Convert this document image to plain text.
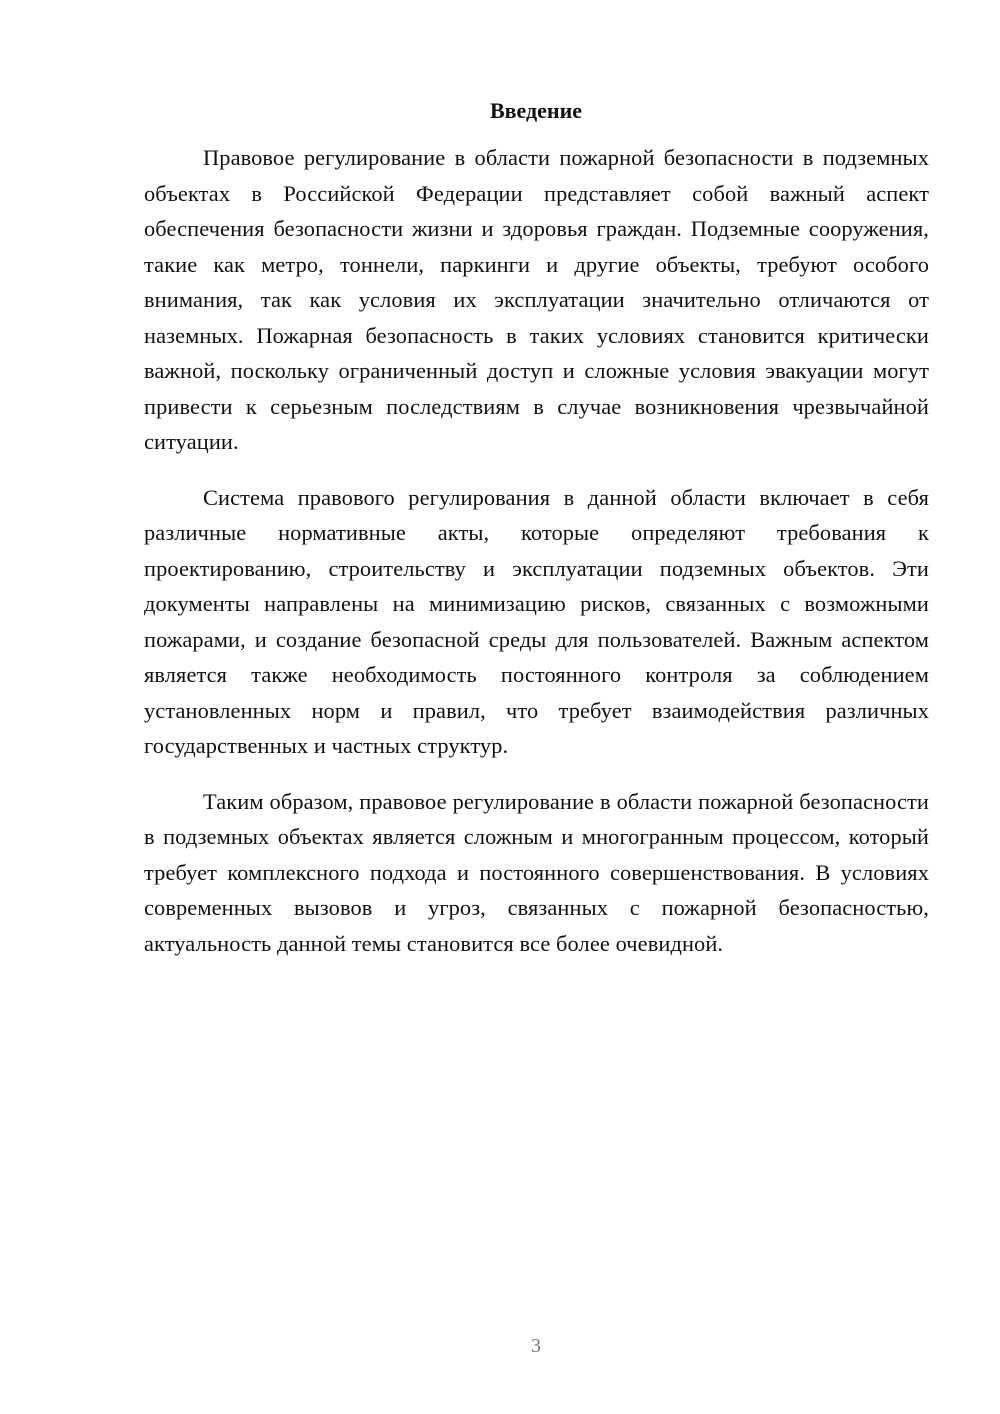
Введение

Правовое регулирование в области пожарной безопасности в подземных объектах в Российской Федерации представляет собой важный аспект обеспечения безопасности жизни и здоровья граждан. Подземные сооружения, такие как метро, тоннели, паркинги и другие объекты, требуют особого внимания, так как условия их эксплуатации значительно отличаются от наземных. Пожарная безопасность в таких условиях становится критически важной, поскольку ограниченный доступ и сложные условия эвакуации могут привести к серьезным последствиям в случае возникновения чрезвычайной ситуации.

Система правового регулирования в данной области включает в себя различные нормативные акты, которые определяют требования к проектированию, строительству и эксплуатации подземных объектов. Эти документы направлены на минимизацию рисков, связанных с возможными пожарами, и создание безопасной среды для пользователей. Важным аспектом является также необходимость постоянного контроля за соблюдением установленных норм и правил, что требует взаимодействия различных государственных и частных структур.

Таким образом, правовое регулирование в области пожарной безопасности в подземных объектах является сложным и многогранным процессом, который требует комплексного подхода и постоянного совершенствования. В условиях современных вызовов и угроз, связанных с пожарной безопасностью, актуальность данной темы становится все более очевидной.

3
